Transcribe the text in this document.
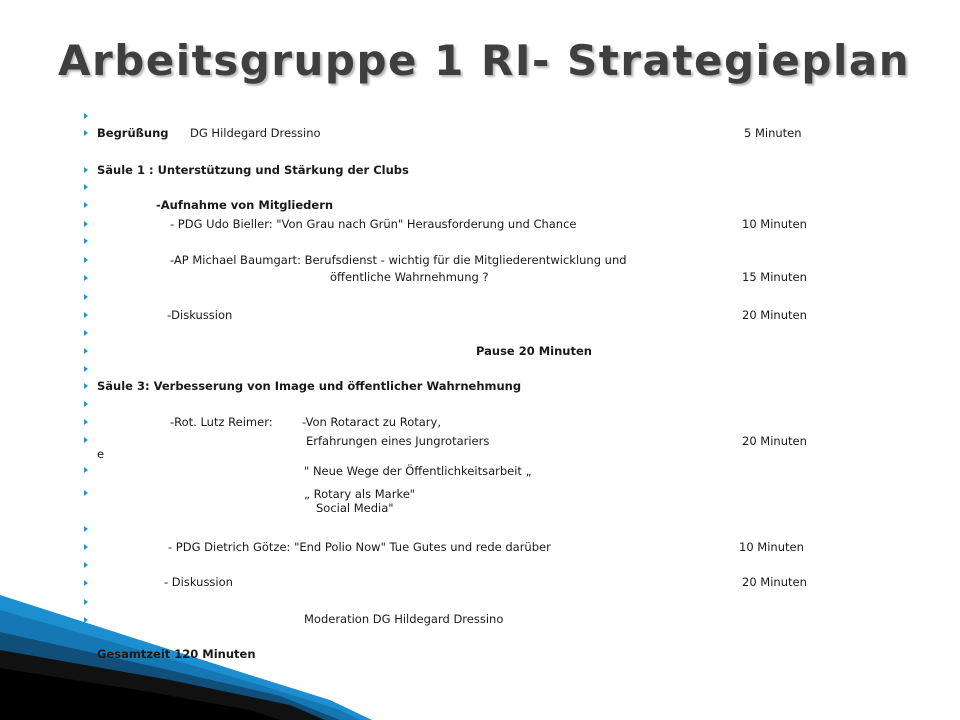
Arbeitsgruppe 1 RI- Strategieplan
Begrüßung DG Hildegard Dressino	5 Minuten
Säule 1 : Unterstützung und Stärkung der Clubs
-Aufnahme von Mitgliedern
- PDG Udo Bieller: "Von Grau nach Grün" Herausforderung und Chance	10 Minuten
-AP Michael Baumgart: Berufsdienst - wichtig für die Mitgliederentwicklung und
öffentliche Wahrnehmung ?	15 Minuten
-Diskussion	20 Minuten
Pause 20 Minuten
Säule 3: Verbesserung von Image und öffentlicher Wahrnehmung
-Rot. Lutz Reimer:	-Von Rotaract zu Rotary,
Erfahrungen eines Jungrotariers	20 Minuten
e
" Neue Wege der Öffentlichkeitsarbeit „
„ Rotary als Marke"
Social Media"
- PDG Dietrich Götze: "End Polio Now" Tue Gutes und rede darüber	10 Minuten
- Diskussion	20 Minuten
Moderation DG Hildegard Dressino
Gesamtzeit 120 Minuten
